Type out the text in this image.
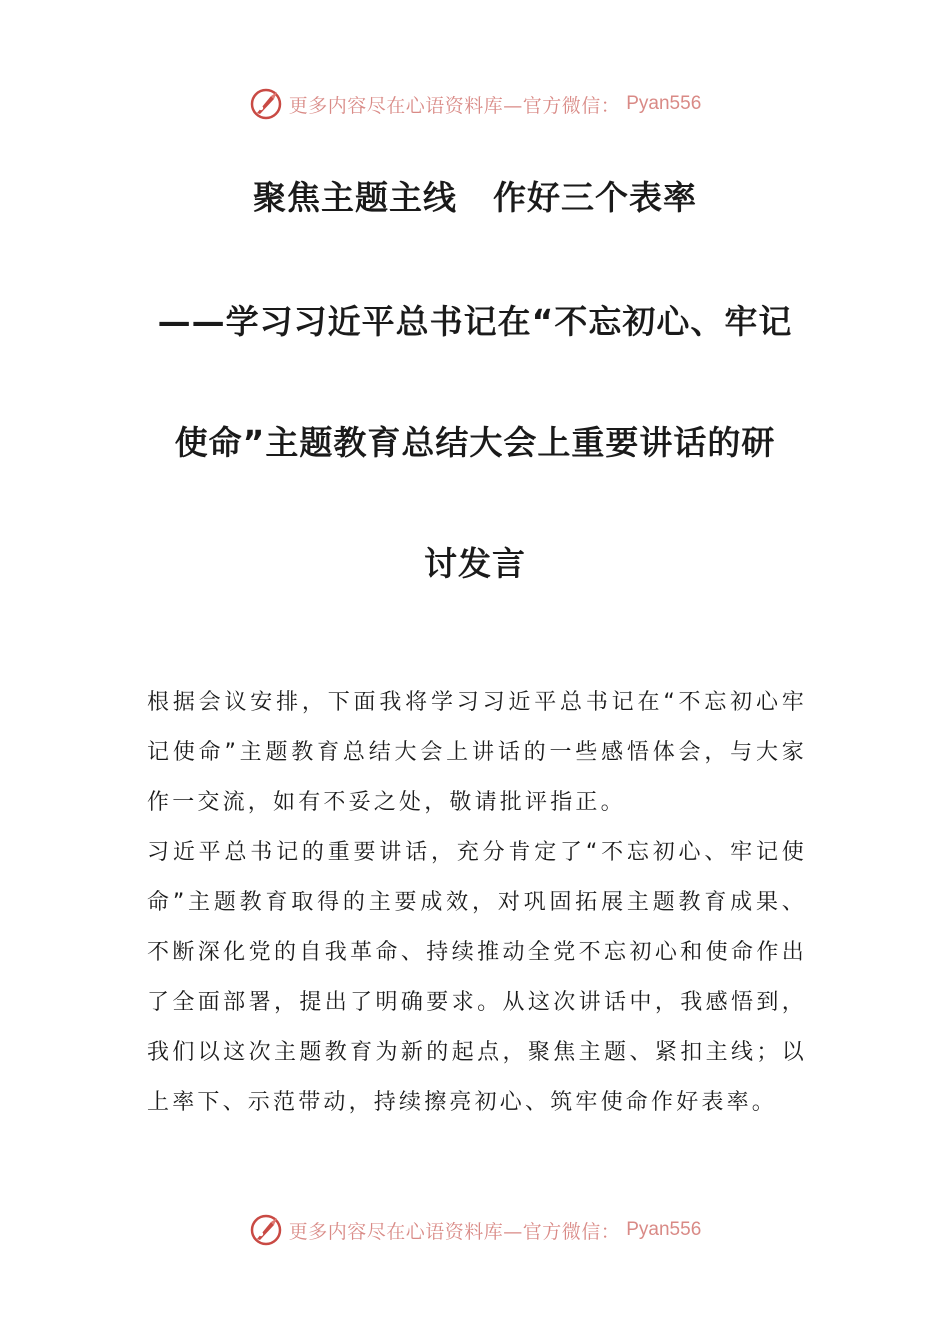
更多内容尽在心语资料库—官方微信： Pyan556
聚焦主题主线 作好三个表率
——学习习近平总书记在“不忘初心、牢记
使命”主题教育总结大会上重要讲话的研
讨发言

根据会议安排，下面我将学习习近平总书记在“不忘初心牢记使命”主题教育总结大会上讲话的一些感悟体会，与大家作一交流，如有不妥之处，敬请批评指正。

习近平总书记的重要讲话，充分肯定了“不忘初心、牢记使命”主题教育取得的主要成效，对巩固拓展主题教育成果、不断深化党的自我革命、持续推动全党不忘初心和使命作出了全面部署，提出了明确要求。从这次讲话中，我感悟到，我们以这次主题教育为新的起点，聚焦主题、紧扣主线；以上率下、示范带动，持续擦亮初心、筑牢使命作好表率。

更多内容尽在心语资料库—官方微信： Pyan556
